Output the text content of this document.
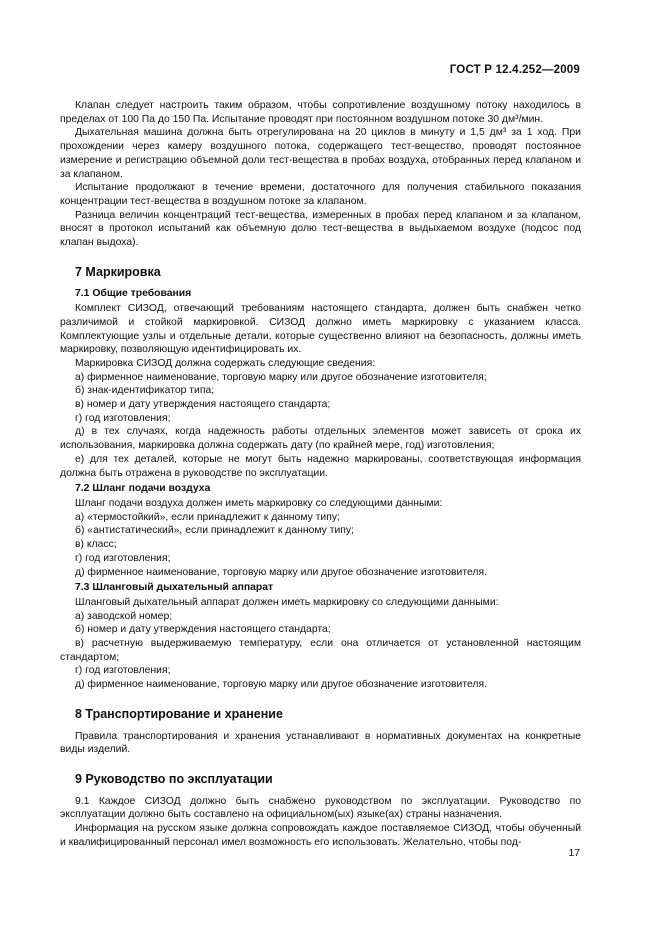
ГОСТ Р 12.4.252—2009

Клапан следует настроить таким образом, чтобы сопротивление воздушному потоку находилось в пределах от 100 Па до 150 Па. Испытание проводят при постоянном воздушном потоке 30 дм³/мин.

Дыхательная машина должна быть отрегулирована на 20 циклов в минуту и 1,5 дм³ за 1 ход. При прохождении через камеру воздушного потока, содержащего тест-вещество, проводят постоянное измерение и регистрацию объемной доли тест-вещества в пробах воздуха, отобранных перед клапаном и за клапаном.

Испытание продолжают в течение времени, достаточного для получения стабильного показания концентрации тест-вещества в воздушном потоке за клапаном.

Разница величин концентраций тест-вещества, измеренных в пробах перед клапаном и за клапаном, вносят в протокол испытаний как объемную долю тест-вещества в выдыхаемом воздухе (подсос под клапан выдоха).

7 Маркировка
7.1 Общие требования

Комплект СИЗОД, отвечающий требованиям настоящего стандарта, должен быть снабжен четко различимой и стойкой маркировкой. СИЗОД должно иметь маркировку с указанием класса. Комплектующие узлы и отдельные детали, которые существенно влияют на безопасность, должны иметь маркировку, позволяющую идентифицировать их.

Маркировка СИЗОД должна содержать следующие сведения:

а) фирменное наименование, торговую марку или другое обозначение изготовителя;

б) знак-идентификатор типа;

в) номер и дату утверждения настоящего стандарта;

г) год изготовления;

д) в тех случаях, когда надежность работы отдельных элементов может зависеть от срока их использования, маркировка должна содержать дату (по крайней мере, год) изготовления;

е) для тех деталей, которые не могут быть надежно маркированы, соответствующая информация должна быть отражена в руководстве по эксплуатации.

7.2 Шланг подачи воздуха

Шланг подачи воздуха должен иметь маркировку со следующими данными:

а) «термостойкий», если принадлежит к данному типу;

б) «антистатический», если принадлежит к данному типу;

в) класс;

г) год изготовления;

д) фирменное наименование, торговую марку или другое обозначение изготовителя.

7.3 Шланговый дыхательный аппарат

Шланговый дыхательный аппарат должен иметь маркировку со следующими данными:

а) заводской номер;

б) номер и дату утверждения настоящего стандарта;

в) расчетную выдерживаемую температуру, если она отличается от установленной настоящим стандартом;

г) год изготовления;

д) фирменное наименование, торговую марку или другое обозначение изготовителя.

8 Транспортирование и хранение

Правила транспортирования и хранения устанавливают в нормативных документах на конкретные виды изделий.

9 Руководство по эксплуатации

9.1 Каждое СИЗОД должно быть снабжено руководством по эксплуатации. Руководство по эксплуатации должно быть составлено на официальном(ых) языке(ах) страны назначения.

Информация на русском языке должна сопровождать каждое поставляемое СИЗОД, чтобы обученный и квалифицированный персонал имел возможность его использовать. Желательно, чтобы под-

17
